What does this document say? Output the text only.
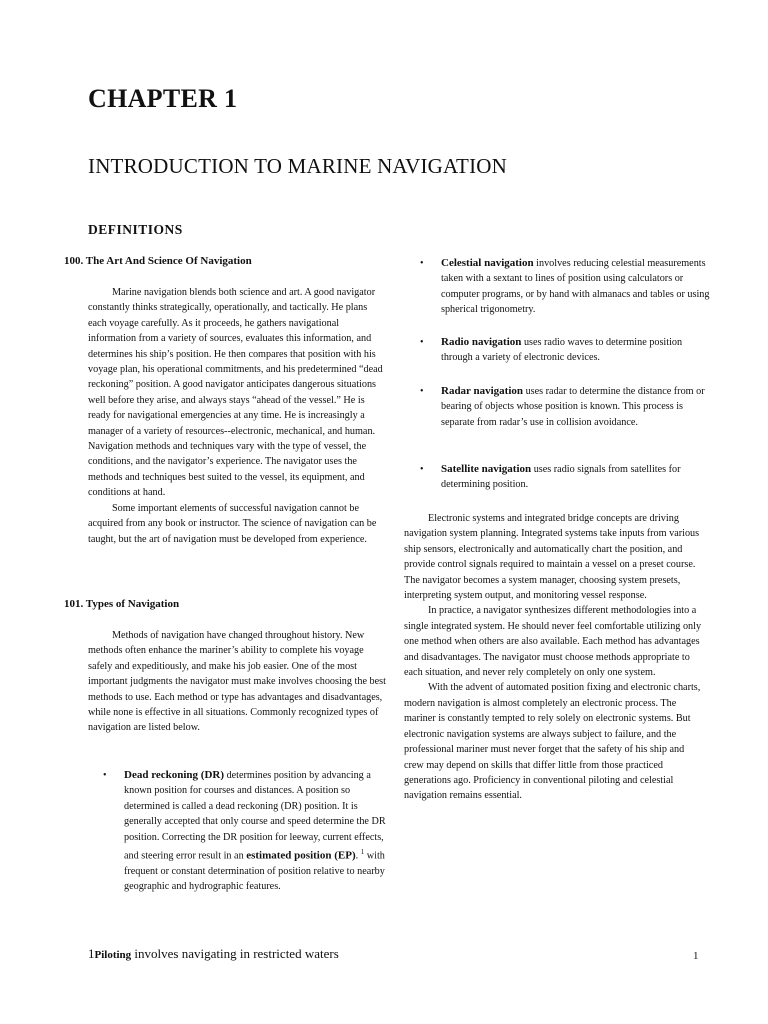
CHAPTER 1
INTRODUCTION TO MARINE NAVIGATION
DEFINITIONS
100. The Art And Science Of Navigation

Marine navigation blends both science and art. A good navigator constantly thinks strategically, operationally, and tactically. He plans each voyage carefully. As it proceeds, he gathers navigational information from a variety of sources, evaluates this information, and determines his ship’s position. He then compares that position with his voyage plan, his operational commitments, and his predetermined “dead reckoning” position. A good navigator anticipates dangerous situations well before they arise, and always stays “ahead of the vessel.” He is ready for navigational emergencies at any time. He is increasingly a manager of a variety of resources--electronic, mechanical, and human. Navigation methods and techniques vary with the type of vessel, the conditions, and the navigator’s experience. The navigator uses the methods and techniques best suited to the vessel, its equipment, and conditions at hand.

Some important elements of successful navigation cannot be acquired from any book or instructor. The science of navigation can be taught, but the art of navigation must be developed from experience.

101. Types of Navigation

Methods of navigation have changed throughout history. New methods often enhance the mariner’s ability to complete his voyage safely and expeditiously, and make his job easier. One of the most important judgments the navigator must make involves choosing the best methods to use. Each method or type has advantages and disadvantages, while none is effective in all situations. Commonly recognized types of navigation are listed below.

• Dead reckoning (DR) determines position by advancing a known position for courses and distances. A position so determined is called a dead reckoning (DR) position. It is generally accepted that only course and speed determine the DR position. Correcting the DR position for leeway, current effects, and steering error result in an estimated position (EP). $^1$ with frequent or constant determination of position relative to nearby geographic and hydrographic features.
• Celestial navigation involves reducing celestial measurements taken with a sextant to lines of position using calculators or computer programs, or by hand with almanacs and tables or using spherical trigonometry.
• Radio navigation uses radio waves to determine position through a variety of electronic devices.
• Radar navigation uses radar to determine the distance from or bearing of objects whose position is known. This process is separate from radar’s use in collision avoidance.
• Satellite navigation uses radio signals from satellites for determining position.

Electronic systems and integrated bridge concepts are driving navigation system planning. Integrated systems take inputs from various ship sensors, electronically and automatically chart the position, and provide control signals required to maintain a vessel on a preset course. The navigator becomes a system manager, choosing system presets, interpreting system output, and monitoring vessel response.

In practice, a navigator synthesizes different methodologies into a single integrated system. He should never feel comfortable utilizing only one method when others are also available. Each method has advantages and disadvantages. The navigator must choose methods appropriate to each situation, and never rely completely on only one system.

With the advent of automated position fixing and electronic charts, modern navigation is almost completely an electronic process. The mariner is constantly tempted to rely solely on electronic systems. But electronic navigation systems are always subject to failure, and the professional mariner must never forget that the safety of his ship and crew may depend on skills that differ little from those practiced generations ago. Proficiency in conventional piloting and celestial navigation remains essential.

1Piloting involves navigating in restricted waters	1
